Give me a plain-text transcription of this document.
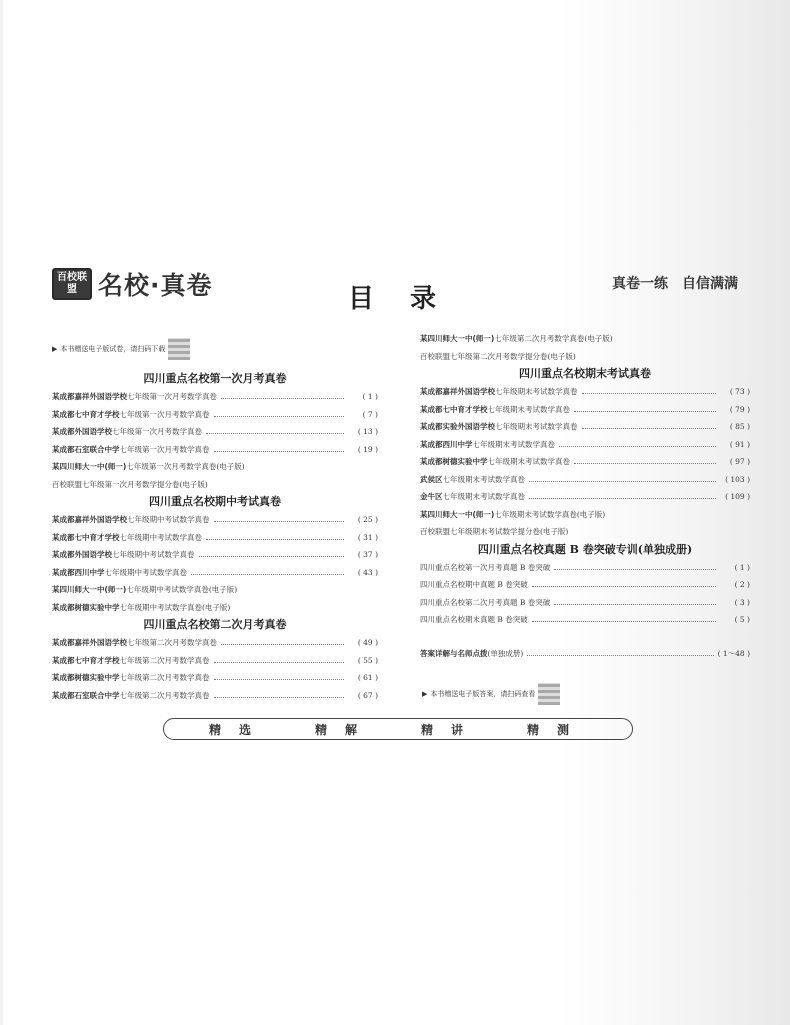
百校联盟 名校·真卷	目录	真卷一练　自信满满
▶ 本书赠送电子版试卷，请扫码下载
四川重点名校第一次月考真卷
某成都嘉祥外国语学校 七年级第一次月考数学真卷	( 1 )
某成都七中育才学校 七年级第一次月考数学真卷	( 7 )
某成都外国语学校 七年级第一次月考数学真卷	( 13 )
某成都石室联合中学 七年级第一次月考数学真卷	( 19 )
某四川师大一中(师一) 七年级第一次月考数学真卷(电子版)
百校联盟七年级第一次月考数学提分卷(电子版)
四川重点名校期中考试真卷
某成都嘉祥外国语学校 七年级期中考试数学真卷	( 25 )
某成都七中育才学校 七年级期中考试数学真卷	( 31 )
某成都外国语学校 七年级期中考试数学真卷	( 37 )
某成都西川中学 七年级期中考试数学真卷	( 43 )
某四川师大一中(师一) 七年级期中考试数学真卷(电子版)
某成都树德实验中学 七年级期中考试数学真卷(电子版)
四川重点名校第二次月考真卷
某成都嘉祥外国语学校 七年级第二次月考数学真卷	( 49 )
某成都七中育才学校 七年级第二次月考数学真卷	( 55 )
某成都树德实验中学 七年级第二次月考数学真卷	( 61 )
某成都石室联合中学 七年级第二次月考数学真卷	( 67 )
某四川师大一中(师一) 七年级第二次月考数学真卷(电子版)
百校联盟七年级第二次月考数学提分卷(电子版)
四川重点名校期末考试真卷
某成都嘉祥外国语学校 七年级期末考试数学真卷	( 73 )
某成都七中育才学校 七年级期末考试数学真卷	( 79 )
某成都实验外国语学校 七年级期末考试数学真卷	( 85 )
某成都西川中学 七年级期末考试数学真卷	( 91 )
某成都树德实验中学 七年级期末考试数学真卷	( 97 )
武侯区 七年级期末考试数学真卷	( 103 )
金牛区 七年级期末考试数学真卷	( 109 )
某四川师大一中(师一) 七年级期末考试数学真卷(电子版)
百校联盟七年级期末考试数学提分卷(电子版)
四川重点名校真题 B 卷突破专训(单独成册)
四川重点名校第一次月考真题 B 卷突破	( 1 )
四川重点名校期中真题 B 卷突破	( 2 )
四川重点名校第二次月考真题 B 卷突破	( 3 )
四川重点名校期末真题 B 卷突破	( 5 )
答案详解与名师点拨 (单独成册)	( 1～48 )
▶ 本书赠送电子版答案，请扫码查看
精选	精解	精讲	精测
